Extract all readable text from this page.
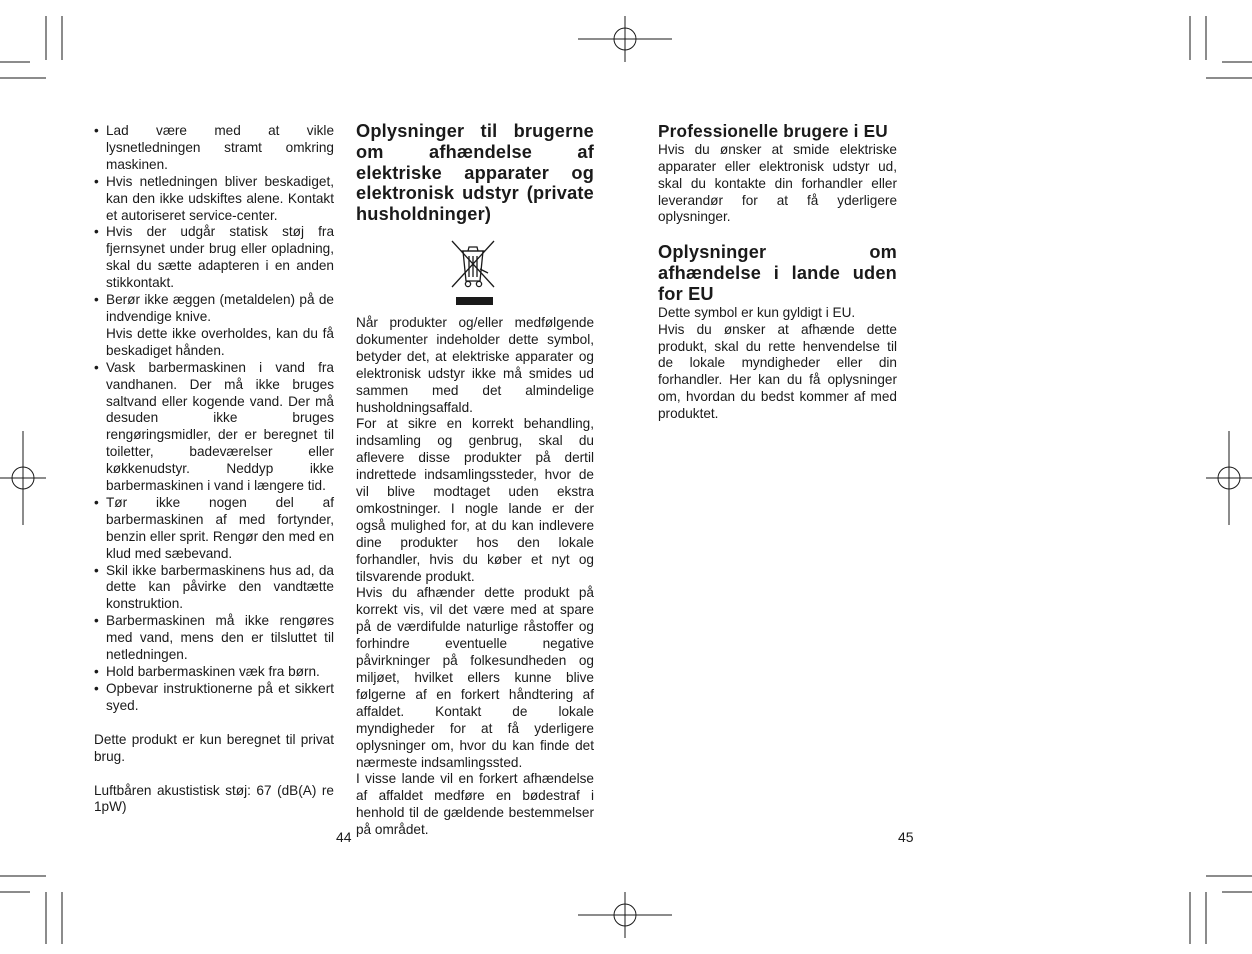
• Lad være med at vikle lysnetledningen stramt omkring maskinen.
• Hvis netledningen bliver beskadiget, kan den ikke udskiftes alene. Kontakt et autoriseret service-center.
• Hvis der udgår statisk støj fra fjernsynet under brug eller opladning, skal du sætte adapteren i en anden stikkontakt.
• Berør ikke æggen (metaldelen) på de indvendige knive.
Hvis dette ikke overholdes, kan du få beskadiget hånden.
• Vask barbermaskinen i vand fra vandhanen. Der må ikke bruges saltvand eller kogende vand. Der må desuden ikke bruges rengøringsmidler, der er beregnet til toiletter, badeværelser eller køkkenudstyr. Neddyp ikke barbermaskinen i vand i længere tid.
• Tør ikke nogen del af barbermaskinen af med fortynder, benzin eller sprit. Rengør den med en klud med sæbevand.
• Skil ikke barbermaskinens hus ad, da dette kan påvirke den vandtætte konstruktion.
• Barbermaskinen må ikke rengøres med vand, mens den er tilsluttet til netledningen.
• Hold barbermaskinen væk fra børn.
• Opbevar instruktionerne på et sikkert syed.

Dette produkt er kun beregnet til privat brug.

Luftbåren akustistisk støj: 67 (dB(A) re 1pW)

Oplysninger til brugerne om afhændelse af elektriske apparater og elektronisk udstyr (private husholdninger)

Når produkter og/eller medfølgende dokumenter indeholder dette symbol, betyder det, at elektriske apparater og elektronisk udstyr ikke må smides ud sammen med det almindelige husholdningsaffald.

For at sikre en korrekt behandling, indsamling og genbrug, skal du aflevere disse produkter på dertil indrettede indsamlingssteder, hvor de vil blive modtaget uden ekstra omkostninger. I nogle lande er der også mulighed for, at du kan indlevere dine produkter hos den lokale forhandler, hvis du køber et nyt og tilsvarende produkt.

Hvis du afhænder dette produkt på korrekt vis, vil det være med at spare på de værdifulde naturlige råstoffer og forhindre eventuelle negative påvirkninger på folkesundheden og miljøet, hvilket ellers kunne blive følgerne af en forkert håndtering af affaldet. Kontakt de lokale myndigheder for at få yderligere oplysninger om, hvor du kan finde det nærmeste indsamlingssted.

I visse lande vil en forkert afhændelse af affaldet medføre en bødestraf i henhold til de gældende bestemmelser på området.

Professionelle brugere i EU

Hvis du ønsker at smide elektriske apparater eller elektronisk udstyr ud, skal du kontakte din forhandler eller leverandør for at få yderligere oplysninger.

Oplysninger om afhændelse i lande uden for EU

Dette symbol er kun gyldigt i EU.

Hvis du ønsker at afhænde dette produkt, skal du rette henvendelse til de lokale myndigheder eller din forhandler. Her kan du få oplysninger om, hvordan du bedst kommer af med produktet.

44	45
